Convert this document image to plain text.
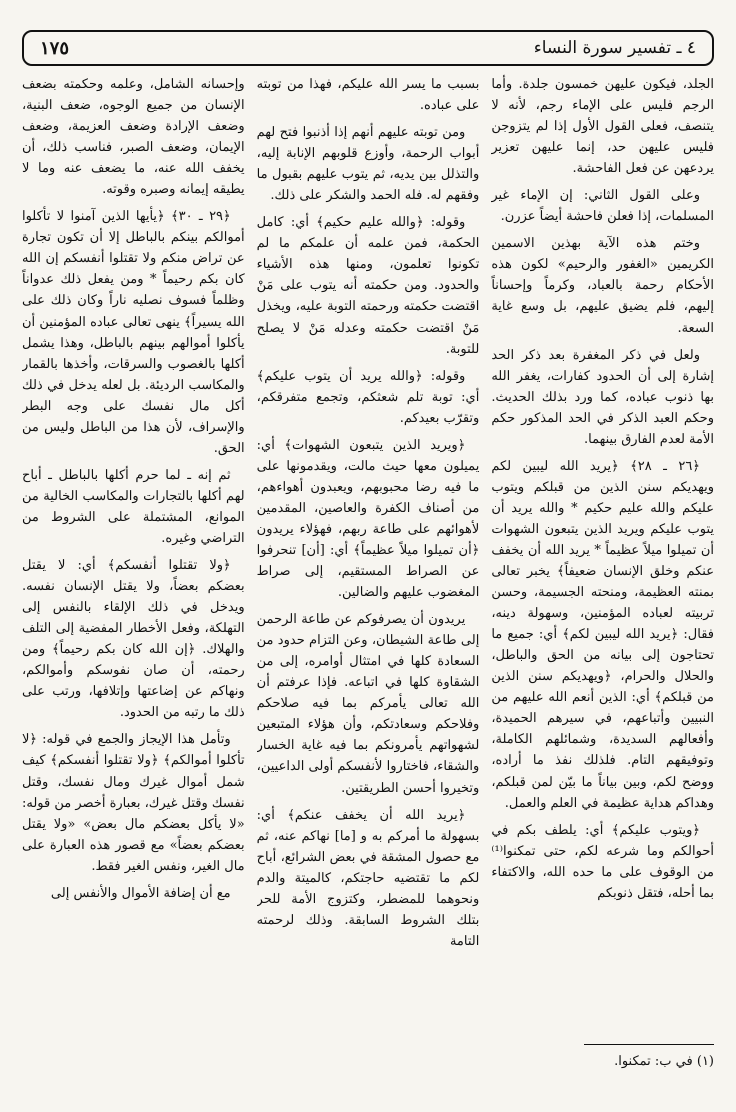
١٧٥	٤ ـ تفسير سورة النساء

الجلد، فيكون عليهن خمسون جلدة. وأما الرجم فليس على الإماء رجم، لأنه لا يتنصف، فعلى القول الأول إذا لم يتزوجن فليس عليهن حد، إنما عليهن تعزير يردعهن عن فعل الفاحشة.

وعلى القول الثاني: إن الإماء غير المسلمات، إذا فعلن فاحشة أيضاً عزرن.

وختم هذه الآية بهذين الاسمين الكريمين «الغفور والرحيم» لكون هذه الأحكام رحمة بالعباد، وكرماً وإحساناً إليهم، فلم يضيق عليهم، بل وسع غاية السعة.

ولعل في ذكر المغفرة بعد ذكر الحد إشارة إلى أن الحدود كفارات، يغفر الله بها ذنوب عباده، كما ورد بذلك الحديث. وحكم العبد الذكر في الحد المذكور حكم الأمة لعدم الفارق بينهما.

﴿٢٦ ـ ٢٨﴾ ﴿يريد الله ليبين لكم ويهديكم سنن الذين من قبلكم ويتوب عليكم والله عليم حكيم * والله يريد أن يتوب عليكم ويريد الذين يتبعون الشهوات أن تميلوا ميلاً عظيماً * يريد الله أن يخفف عنكم وخلق الإنسان ضعيفاً﴾ يخبر تعالى بمنته العظيمة، ومنحته الجسيمة، وحسن تربيته لعباده المؤمنين، وسهولة دينه، فقال: ﴿يريد الله ليبين لكم﴾ أي: جميع ما تحتاجون إلى بيانه من الحق والباطل، والحلال والحرام، ﴿ويهديكم سنن الذين من قبلكم﴾ أي: الذين أنعم الله عليهم من النبيين وأتباعهم، في سيرهم الحميدة، وأفعالهم السديدة، وشمائلهم الكاملة، وتوفيقهم التام. فلذلك نفذ ما أراده، ووضح لكم، وبين بياناً ما بيّن لمن قبلكم، وهداكم هداية عظيمة في العلم والعمل.

﴿ويتوب عليكم﴾ أي: يلطف بكم في أحوالكم وما شرعه لكم، حتى تمكنوا⁽¹⁾ من الوقوف على ما حده الله، والاكتفاء بما أحله، فتقل ذنوبكم

بسبب ما يسر الله عليكم، فهذا من توبته على عباده.

ومن توبته عليهم أنهم إذا أذنبوا فتح لهم أبواب الرحمة، وأوزع قلوبهم الإنابة إليه، والتذلل بين يديه، ثم يتوب عليهم بقبول ما وفقهم له. فله الحمد والشكر على ذلك.

وقوله: ﴿والله عليم حكيم﴾ أي: كامل الحكمة، فمن علمه أن علمكم ما لم تكونوا تعلمون، ومنها هذه الأشياء والحدود. ومن حكمته أنه يتوب على مَنْ اقتضت حكمته ورحمته التوبة عليه، ويخذل مَنْ اقتضت حكمته وعدله مَنْ لا يصلح للتوبة.

وقوله: ﴿والله يريد أن يتوب عليكم﴾ أي: توبة تلم شعثكم، وتجمع متفرقكم، وتقرّب بعيدكم.

﴿ويريد الذين يتبعون الشهوات﴾ أي: يميلون معها حيث مالت، ويقدمونها على ما فيه رضا محبوبهم، ويعبدون أهواءهم، من أصناف الكفرة والعاصين، المقدمين لأهوائهم على طاعة ربهم، فهؤلاء يريدون ﴿أن تميلوا ميلاً عظيماً﴾ أي: [أن] تنحرفوا عن الصراط المستقيم، إلى صراط المغضوب عليهم والضالين.

يريدون أن يصرفوكم عن طاعة الرحمن إلى طاعة الشيطان، وعن التزام حدود من السعادة كلها في امتثال أوامره، إلى من الشقاوة كلها في اتباعه. فإذا عرفتم أن الله تعالى يأمركم بما فيه صلاحكم وفلاحكم وسعادتكم، وأن هؤلاء المتبعين لشهواتهم يأمرونكم بما فيه غاية الخسار والشقاء، فاختاروا لأنفسكم أولى الداعيين، وتخيروا أحسن الطريقتين.

﴿يريد الله أن يخفف عنكم﴾ أي: بسهولة ما أمركم به و [ما] نهاكم عنه، ثم مع حصول المشقة في بعض الشرائع، أباح لكم ما تقتضيه حاجتكم، كالميتة والدم ونحوهما للمضطر، وكتزوج الأمة للحر بتلك الشروط السابقة. وذلك لرحمته التامة

وإحسانه الشامل، وعلمه وحكمته بضعف الإنسان من جميع الوجوه، ضعف البنية، وضعف الإرادة وضعف العزيمة، وضعف الإيمان، وضعف الصبر، فناسب ذلك، أن يخفف الله عنه، ما يضعف عنه وما لا يطيقه إيمانه وصبره وقوته.

﴿٢٩ ـ ٣٠﴾ ﴿يأيها الذين آمنوا لا تأكلوا أموالكم بينكم بالباطل إلا أن تكون تجارة عن تراض منكم ولا تقتلوا أنفسكم إن الله كان بكم رحيماً * ومن يفعل ذلك عدواناً وظلماً فسوف نصليه ناراً وكان ذلك على الله يسيراً﴾ ينهى تعالى عباده المؤمنين أن يأكلوا أموالهم بينهم بالباطل، وهذا يشمل أكلها بالغصوب والسرقات، وأخذها بالقمار والمكاسب الرديئة. بل لعله يدخل في ذلك أكل مال نفسك على وجه البطر والإسراف، لأن هذا من الباطل وليس من الحق.

ثم إنه ـ لما حرم أكلها بالباطل ـ أباح لهم أكلها بالتجارات والمكاسب الخالية من الموانع، المشتملة على الشروط من التراضي وغيره.

﴿ولا تقتلوا أنفسكم﴾ أي: لا يقتل بعضكم بعضاً، ولا يقتل الإنسان نفسه. ويدخل في ذلك الإلقاء بالنفس إلى التهلكة، وفعل الأخطار المفضية إلى التلف والهلاك. ﴿إن الله كان بكم رحيماً﴾ ومن رحمته، أن صان نفوسكم وأموالكم، ونهاكم عن إضاعتها وإتلافها، ورتب على ذلك ما رتبه من الحدود.

وتأمل هذا الإيجاز والجمع في قوله: ﴿لا تأكلوا أموالكم﴾ ﴿ولا تقتلوا أنفسكم﴾ كيف شمل أموال غيرك ومال نفسك، وقتل نفسك وقتل غيرك، بعبارة أخصر من قوله: «لا يأكل بعضكم مال بعض» «ولا يقتل بعضكم بعضاً» مع قصور هذه العبارة على مال الغير، ونفس الغير فقط.

مع أن إضافة الأموال والأنفس إلى

(١) في ب: تمكنوا.
